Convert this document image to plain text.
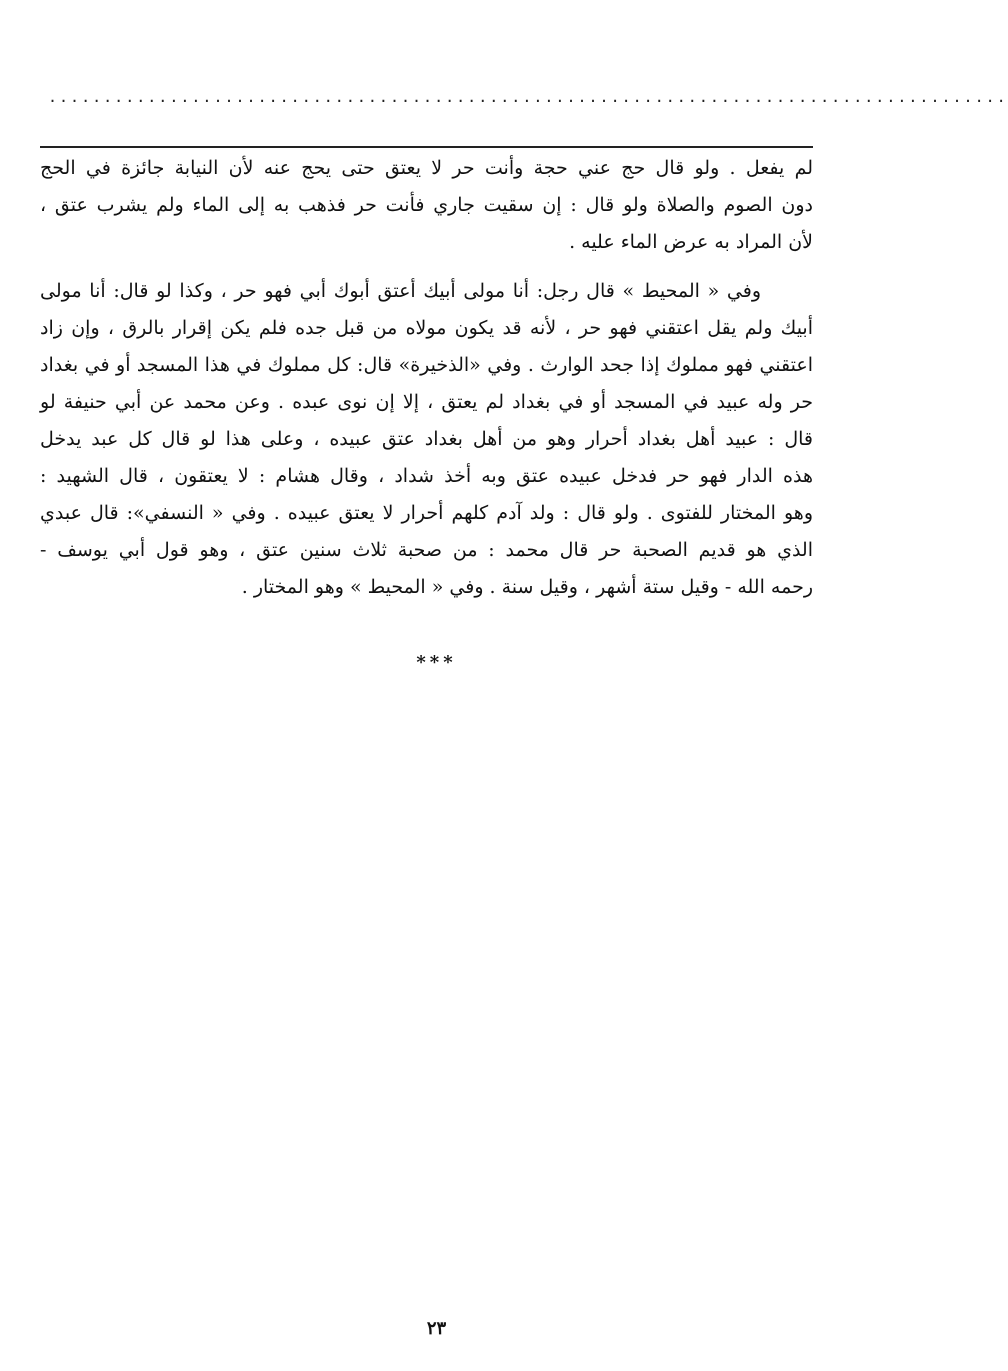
.......................................................................................

لم يفعل . ولو قال حج عني حجة وأنت حر لا يعتق حتى يحج عنه لأن النيابة جائزة في الحج
دون الصوم والصلاة ولو قال : إن سقيت جاري فأنت حر فذهب به إلى الماء ولم يشرب عتق ،
لأن المراد به عرض الماء عليه .

وفي « المحيط » قال رجل: أنا مولى أبيك أعتق أبوك أبي فهو حر ، وكذا لو قال: أنا مولى
أبيك ولم يقل اعتقني فهو حر ، لأنه قد يكون مولاه من قبل جده فلم يكن إقرار بالرق ، وإن زاد
اعتقني فهو مملوك إذا جحد الوارث . وفي «الذخيرة» قال: كل مملوك في هذا المسجد أو في بغداد
حر وله عبيد في المسجد أو في بغداد لم يعتق ، إلا إن نوى عبده . وعن محمد عن أبي حنيفة لو
قال : عبيد أهل بغداد أحرار وهو من أهل بغداد عتق عبيده ، وعلى هذا لو قال كل عبد يدخل
هذه الدار فهو حر فدخل عبيده عتق وبه أخذ شداد ، وقال هشام : لا يعتقون ، قال الشهيد :
وهو المختار للفتوى . ولو قال : ولد آدم كلهم أحرار لا يعتق عبيده . وفي « النسفي»: قال عبدي
الذي هو قديم الصحبة حر قال محمد : من صحبة ثلاث سنين عتق ، وهو قول أبي يوسف -
رحمه الله - وقيل ستة أشهر ، وقيل سنة . وفي « المحيط » وهو المختار .

***
٢٣
